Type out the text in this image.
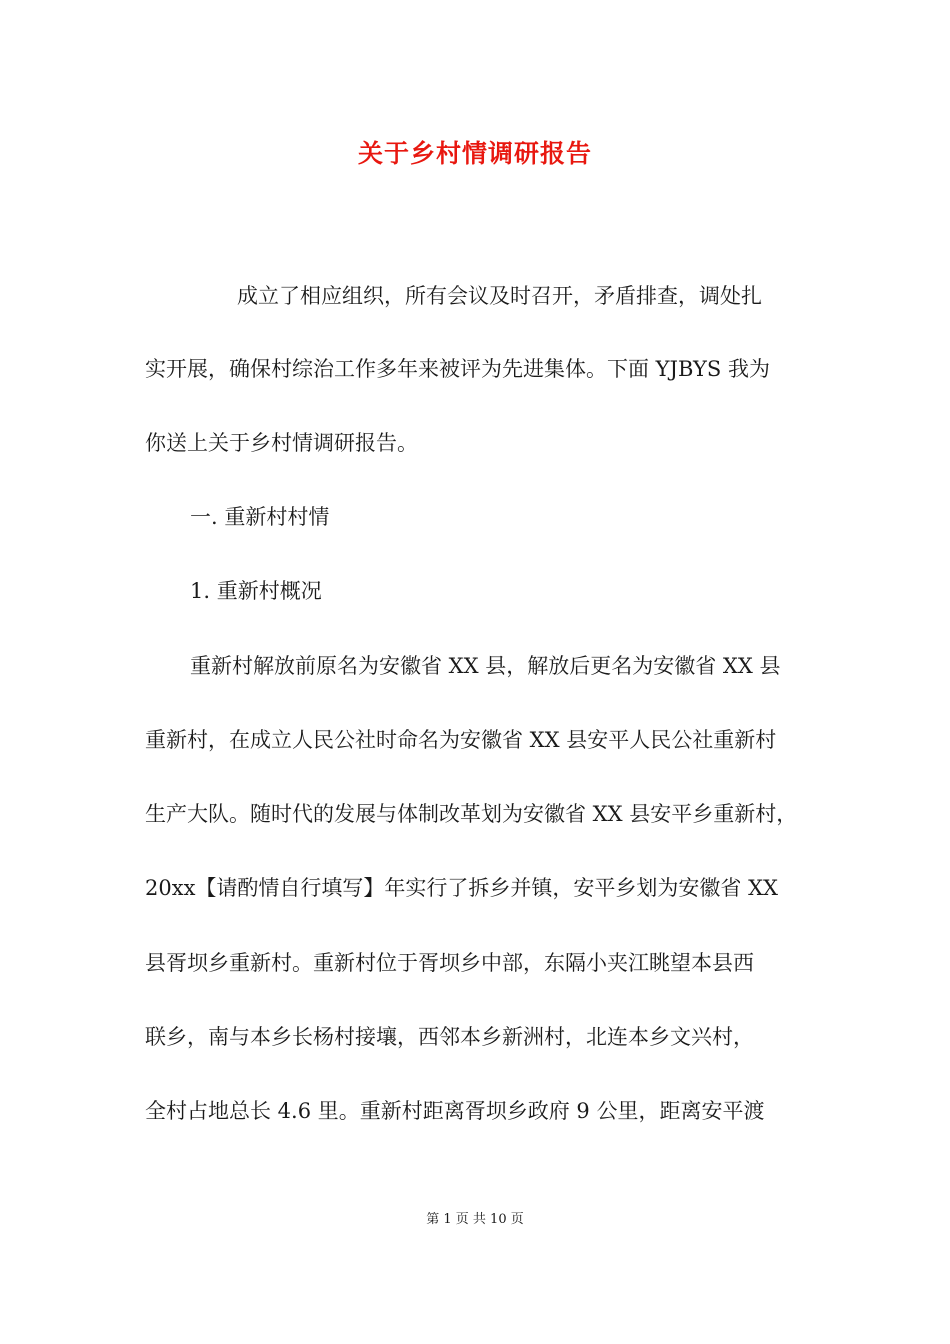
关于乡村情调研报告
成立了相应组织，所有会议及时召开，矛盾排查，调处扎
实开展，确保村综治工作多年来被评为先进集体。下面 YJBYS 我为
你送上关于乡村情调研报告。
一. 重新村村情
1. 重新村概况
重新村解放前原名为安徽省 XX 县，解放后更名为安徽省 XX 县
重新村，在成立人民公社时命名为安徽省 XX 县安平人民公社重新村
生产大队。随时代的发展与体制改革划为安徽省 XX 县安平乡重新村，
20xx【请酌情自行填写】年实行了拆乡并镇，安平乡划为安徽省 XX
县胥坝乡重新村。重新村位于胥坝乡中部，东隔小夹江眺望本县西
联乡，南与本乡长杨村接壤，西邻本乡新洲村，北连本乡文兴村，
全村占地总长 4.6 里。重新村距离胥坝乡政府 9 公里，距离安平渡
第 1 页 共 10 页
